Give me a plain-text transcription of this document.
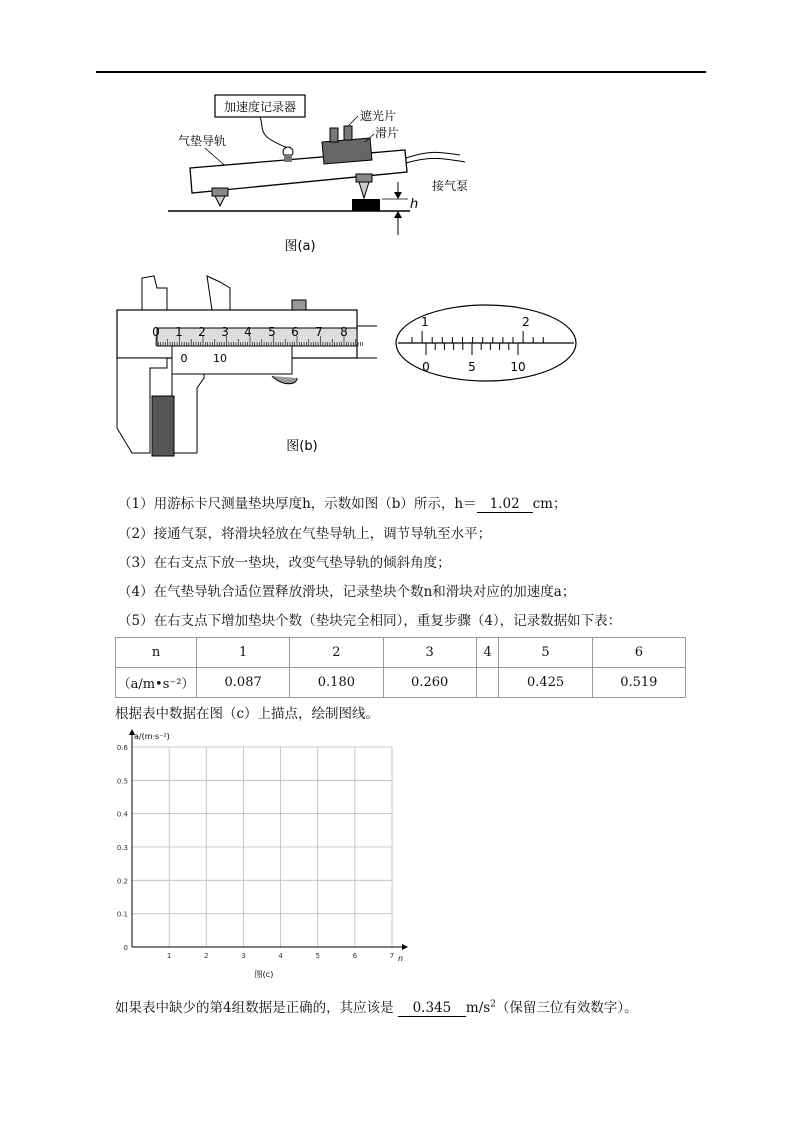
加速度记录器
气垫导轨
遮光片
滑片
接气泵
h
图(a)
0 1 2 3 4 5 6 7 8
0 10
图(b)
1	2
0	5	10
（1）用游标卡尺测量垫块厚度h，示数如图（b）所示，h＝ 1.02 cm；
（2）接通气泵，将滑块轻放在气垫导轨上，调节导轨至水平；
（3）在右支点下放一垫块，改变气垫导轨的倾斜角度；
（4）在气垫导轨合适位置释放滑块，记录垫块个数n和滑块对应的加速度a；
（5）在右支点下增加垫块个数（垫块完全相同），重复步骤（4），记录数据如下表：
n	1	2	3	4	5	6
（a/m•s⁻²）	0.087	0.180	0.260		0.425	0.519
根据表中数据在图（c）上描点，绘制图线。
0
0.1
0.2
0.3
0.4
0.5
0.6
1	2	3	4	5	6	7
a/(m·s⁻²)
n
图(c)
如果表中缺少的第4组数据是正确的，其应该是 0.345 $m/s^2$（保留三位有效数字）。
